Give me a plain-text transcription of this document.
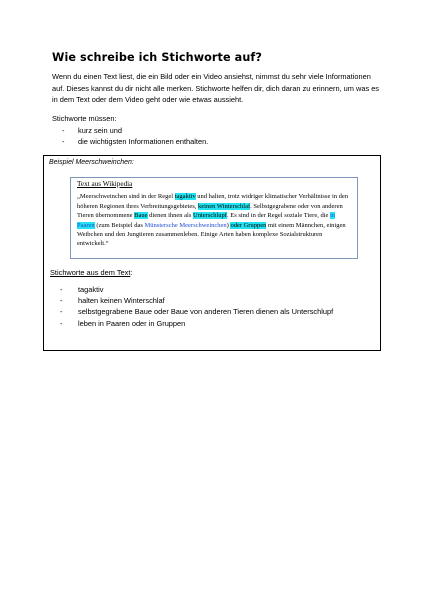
Wie schreibe ich Stichworte auf?

Wenn du einen Text liest, die ein Bild oder ein Video ansiehst, nimmst du sehr viele Informationen auf. Dieses kannst du dir nicht alle merken. Stichworte helfen dir, dich daran zu erinnern, um was es in dem Text oder dem Video geht oder wie etwas aussieht.

Stichworte müssen:
- kurz sein und
- die wichtigsten Informationen enthalten.
Beispiel Meerschweinchen:
Text aus Wikipedia

„Meerschweinchen sind in der Regel tagaktiv und halten, trotz widriger klimatischer Verhältnisse in den höheren Regionen ihres Verbreitungsgebietes, keinen Winterschlaf. Selbstgegrabene oder von anderen Tieren übernommene Baue dienen ihnen als Unterschlupf. Es sind in der Regel soziale Tiere, die in Paaren (zum Beispiel das Münstersche Meerschweinchen) oder Gruppen mit einem Männchen, einigen Weibchen und den Jungtieren zusammenleben. Einige Arten haben komplexe Sozialstrukturen entwickelt.“

Stichworte aus dem Text:
- tagaktiv
- halten keinen Winterschlaf
- selbstgegrabene Baue oder Baue von anderen Tieren dienen als Unterschlupf
- leben in Paaren oder in Gruppen
